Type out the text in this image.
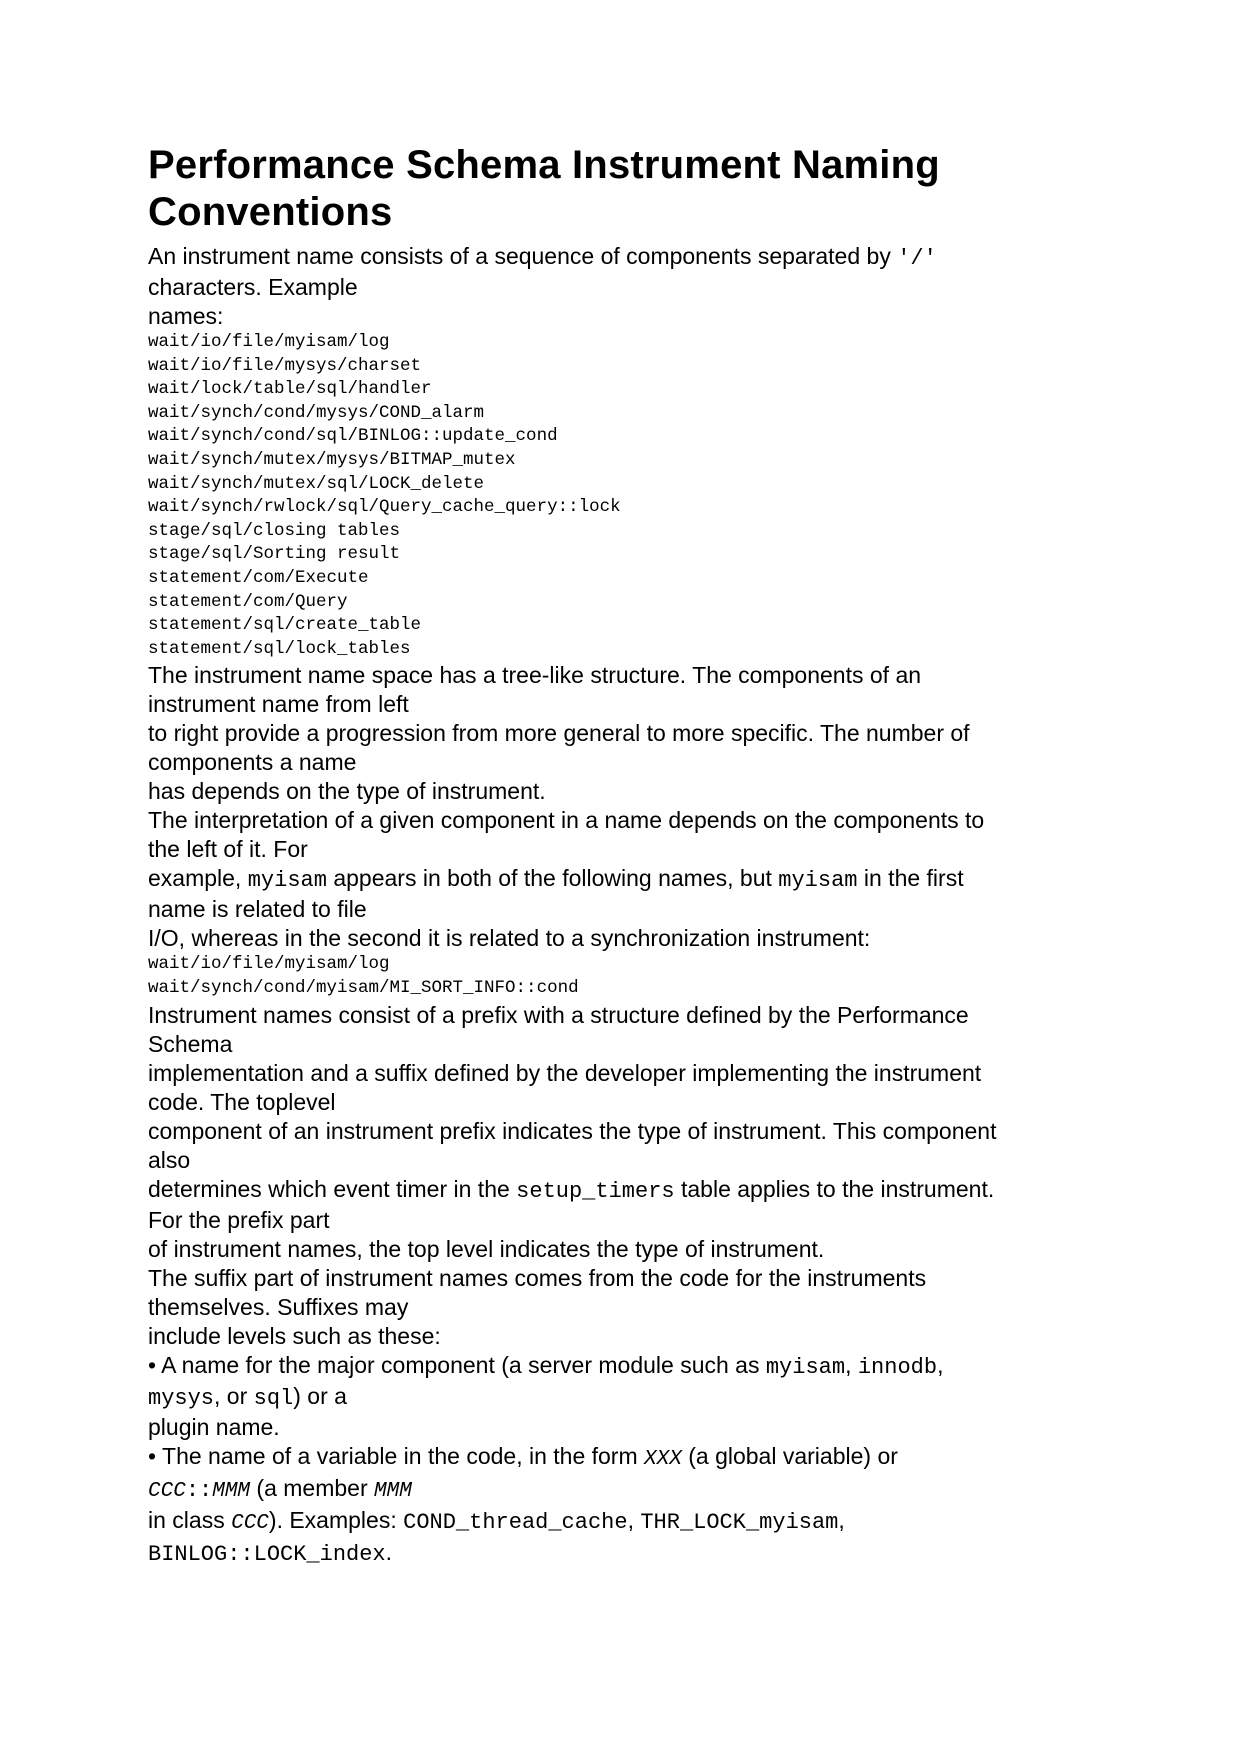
Performance Schema Instrument Naming Conventions

An instrument name consists of a sequence of components separated by '/'

characters. Example

names:

wait/io/file/myisam/log
wait/io/file/mysys/charset
wait/lock/table/sql/handler
wait/synch/cond/mysys/COND_alarm
wait/synch/cond/sql/BINLOG::update_cond
wait/synch/mutex/mysys/BITMAP_mutex
wait/synch/mutex/sql/LOCK_delete
wait/synch/rwlock/sql/Query_cache_query::lock
stage/sql/closing tables
stage/sql/Sorting result
statement/com/Execute
statement/com/Query
statement/sql/create_table
statement/sql/lock_tables

The instrument name space has a tree-like structure. The components of an

instrument name from left

to right provide a progression from more general to more specific. The number of

components a name

has depends on the type of instrument.

The interpretation of a given component in a name depends on the components to

the left of it. For

example, myisam appears in both of the following names, but myisam in the first

name is related to file

I/O, whereas in the second it is related to a synchronization instrument:

wait/io/file/myisam/log
wait/synch/cond/myisam/MI_SORT_INFO::cond

Instrument names consist of a prefix with a structure defined by the Performance

Schema

implementation and a suffix defined by the developer implementing the instrument

code. The toplevel

component of an instrument prefix indicates the type of instrument. This component

also

determines which event timer in the setup_timers table applies to the instrument.

For the prefix part

of instrument names, the top level indicates the type of instrument.

The suffix part of instrument names comes from the code for the instruments

themselves. Suffixes may

include levels such as these:

• A name for the major component (a server module such as myisam, innodb,

mysys, or sql) or a

plugin name.

• The name of a variable in the code, in the form XXX (a global variable) or

CCC::MMM (a member MMM

in class CCC). Examples: COND_thread_cache, THR_LOCK_myisam,

BINLOG::LOCK_index.
